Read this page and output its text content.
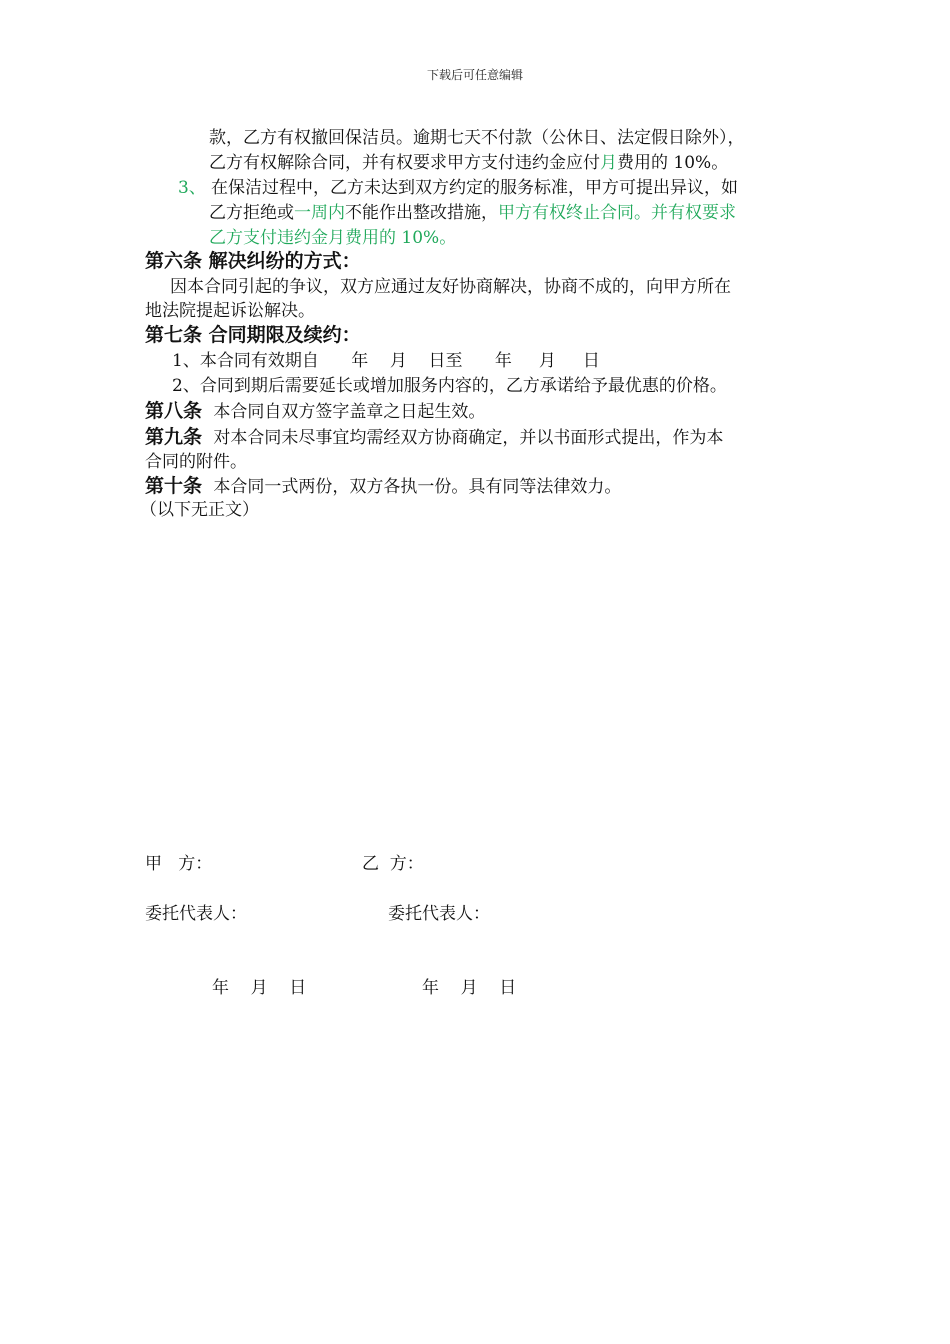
下载后可任意编辑
款，乙方有权撤回保洁员。逾期七天不付款（公休日、法定假日除外），
乙方有权解除合同，并有权要求甲方支付违约金应付月费用的 10%。
3、 在保洁过程中，乙方未达到双方约定的服务标准，甲方可提出异议，如
乙方拒绝或一周内不能作出整改措施，甲方有权终止合同。并有权要求
乙方支付违约金月费用的 10%。
第六条 解决纠纷的方式：
因本合同引起的争议，双方应通过友好协商解决，协商不成的，向甲方所在
地法院提起诉讼解决。
第七条 合同期限及续约：
1、本合同有效期自      年    月    日至      年     月     日
2、合同到期后需要延长或增加服务内容的，乙方承诺给予最优惠的价格。
第八条 本合同自双方签字盖章之日起生效。
第九条 对本合同未尽事宜均需经双方协商确定，并以书面形式提出，作为本
合同的附件。
第十条 本合同一式两份，双方各执一份。具有同等法律效力。
（以下无正文）
甲   方：	乙  方：
委托代表人：	委托代表人：
年    月    日	年    月    日
